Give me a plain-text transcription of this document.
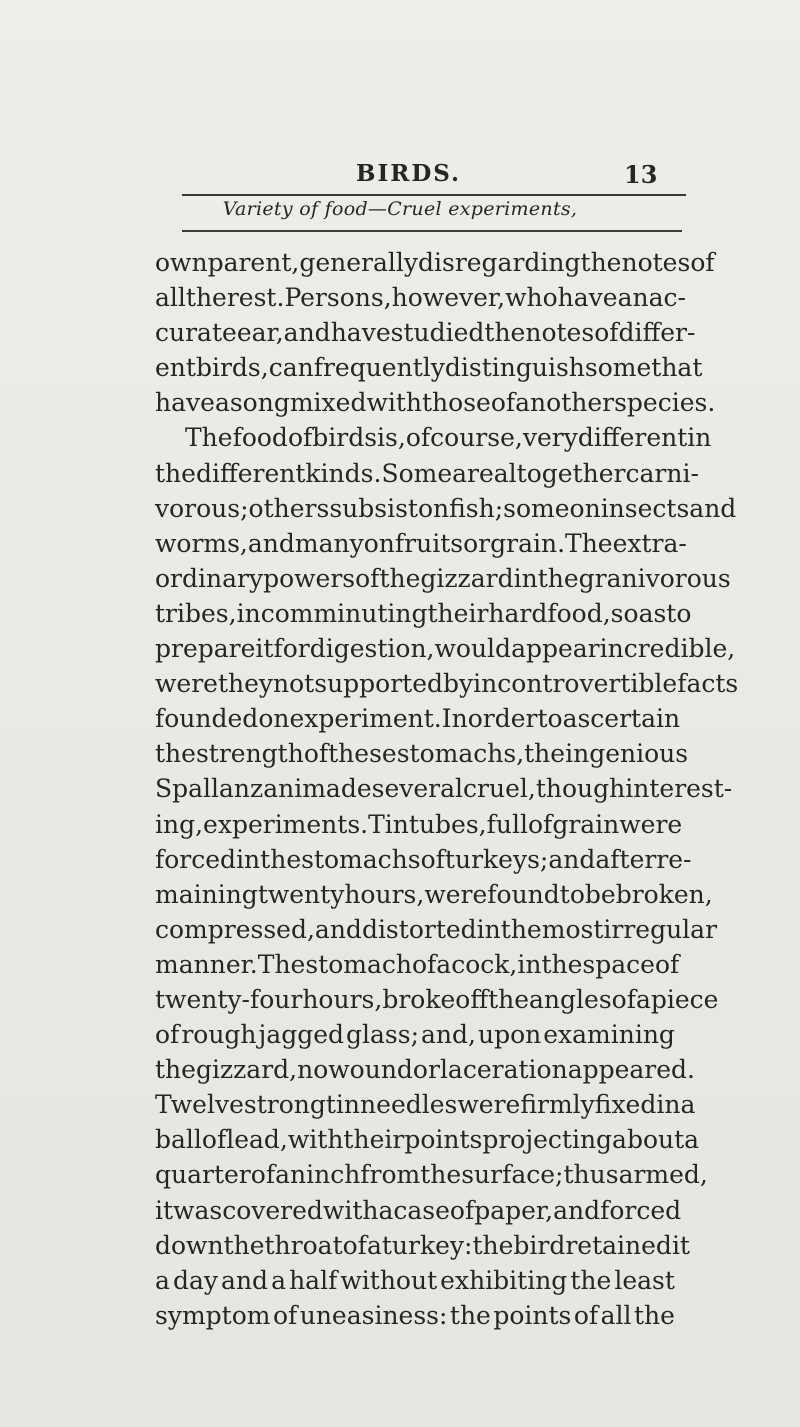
BIRDS.	13
Variety of food—Cruel experiments,
own parent, generally disregarding the notes of
all the rest. Persons, however, who have an ac-
curate ear, and have studied the notes of differ-
ent birds, can frequently distinguish some that
have a song mixed with those of another species.
The food of birds is, of course, very different in
the different kinds. Some are altogether carni-
vorous; others subsist on fish; some on insects and
worms, and many on fruits or grain. The extra-
ordinary powers of the gizzard in the granivorous
tribes, in comminuting their hard food, so as to
prepare it for digestion, would appear incredible,
were they not supported by incontrovertible facts
founded on experiment. In order to ascertain
the strength of these stomachs, the ingenious
Spallanzani made several cruel, though interest-
ing, experiments. Tin tubes, full of grain were
forced in the stomachs of turkeys; and after re-
maining twenty hours, were found to be broken,
compressed, and distorted in the most irregular
manner. The stomach of a cock, in the space of
twenty-four hours, broke off the angles of a piece
of rough jagged glass; and, upon examining
the gizzard, no wound or laceration appeared.
Twelve strong tin needles were firmly fixed in a
ball of lead, with their points projecting about a
quarter of an inch from the surface; thus armed,
it was covered with a case of paper, and forced
down the throat of a turkey: the bird retained it
a day and a half without exhibiting the least
symptom of uneasiness: the points of all the
